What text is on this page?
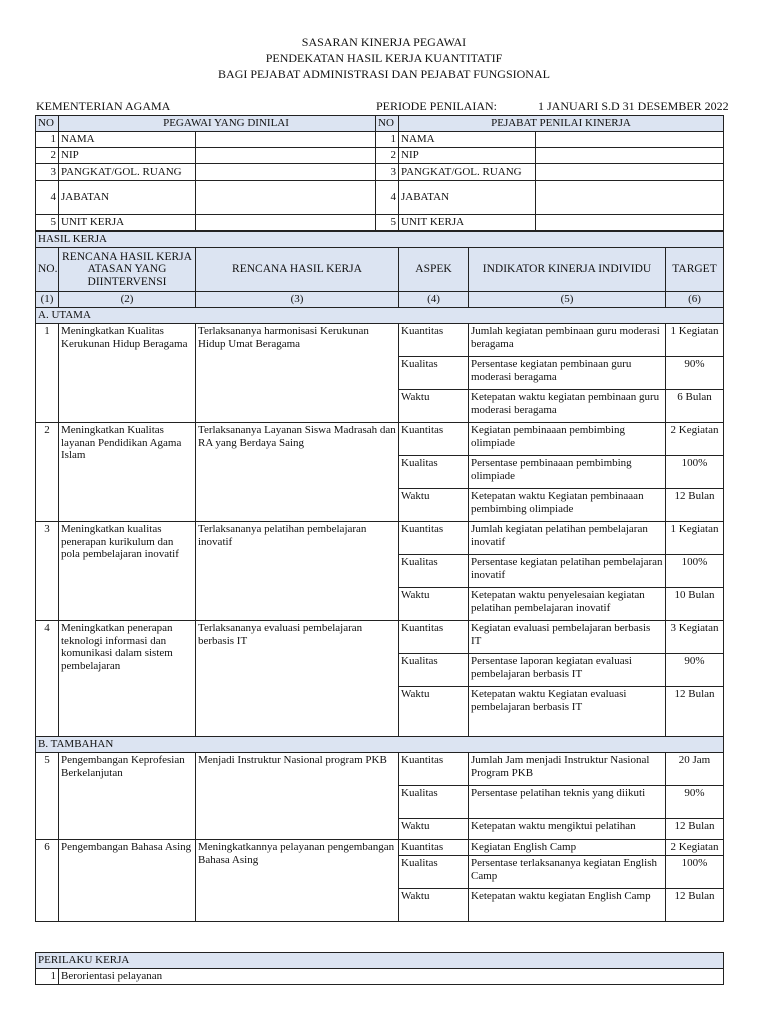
SASARAN KINERJA PEGAWAI
PENDEKATAN HASIL KERJA KUANTITATIF
BAGI PEJABAT ADMINISTRASI DAN PEJABAT FUNGSIONAL
KEMENTERIAN AGAMA	PERIODE PENILAIAN:	1 JANUARI S.D 31 DESEMBER 2022
NO	PEGAWAI YANG DINILAI		NO	PEJABAT PENILAI KINERJA	
1	NAMA		1	NAMA	
2	NIP		2	NIP	
3	PANGKAT/GOL. RUANG		3	PANGKAT/GOL. RUANG	
4	JABATAN		4	JABATAN	
5	UNIT KERJA		5	UNIT KERJA	
HASIL KERJA					
NO.	RENCANA HASIL KERJA ATASAN YANG DIINTERVENSI	RENCANA HASIL KERJA	ASPEK	INDIKATOR KINERJA INDIVIDU	TARGET
(1)	(2)	(3)	(4)	(5)	(6)
A. UTAMA					
1	Meningkatkan Kualitas Kerukunan Hidup Beragama	Terlaksananya harmonisasi Kerukunan Hidup Umat Beragama	Kuantitas	Jumlah kegiatan pembinaan guru moderasi beragama	1 Kegiatan
			Kualitas	Persentase kegiatan pembinaan guru moderasi beragama	90%
			Waktu	Ketepatan waktu kegiatan pembinaan guru moderasi beragama	6 Bulan
2	Meningkatkan Kualitas layanan Pendidikan Agama Islam	Terlaksananya Layanan Siswa Madrasah dan RA yang Berdaya Saing	Kuantitas	Kegiatan pembinaaan pembimbing olimpiade	2 Kegiatan
			Kualitas	Persentase pembinaaan pembimbing olimpiade	100%
			Waktu	Ketepatan waktu Kegiatan pembinaaan pembimbing olimpiade	12 Bulan
3	Meningkatkan kualitas penerapan kurikulum dan pola pembelajaran inovatif	Terlaksananya pelatihan pembelajaran inovatif	Kuantitas	Jumlah kegiatan pelatihan pembelajaran inovatif	1 Kegiatan
			Kualitas	Persentase kegiatan pelatihan pembelajaran inovatif	100%
			Waktu	Ketepatan waktu penyelesaian kegiatan pelatihan pembelajaran inovatif	10 Bulan
4	Meningkatkan penerapan teknologi informasi dan komunikasi dalam sistem pembelajaran	Terlaksananya evaluasi pembelajaran berbasis IT	Kuantitas	Kegiatan evaluasi pembelajaran berbasis IT	3 Kegiatan
			Kualitas	Persentase laporan kegiatan evaluasi pembelajaran berbasis IT	90%
			Waktu	Ketepatan waktu Kegiatan evaluasi pembelajaran berbasis IT	12 Bulan
B. TAMBAHAN					
5	Pengembangan Keprofesian Berkelanjutan	Menjadi Instruktur Nasional program PKB	Kuantitas	Jumlah Jam menjadi Instruktur Nasional Program PKB	20 Jam
			Kualitas	Persentase pelatihan teknis yang diikuti	90%
			Waktu	Ketepatan waktu mengiktui pelatihan	12 Bulan
6	Pengembangan Bahasa Asing	Meningkatkannya pelayanan pengembangan Bahasa Asing	Kuantitas	Kegiatan English Camp	2 Kegiatan
			Kualitas	Persentase terlaksananya kegiatan English Camp	100%
			Waktu	Ketepatan waktu kegiatan English Camp	12 Bulan
PERILAKU KERJA
1	Berorientasi pelayanan
